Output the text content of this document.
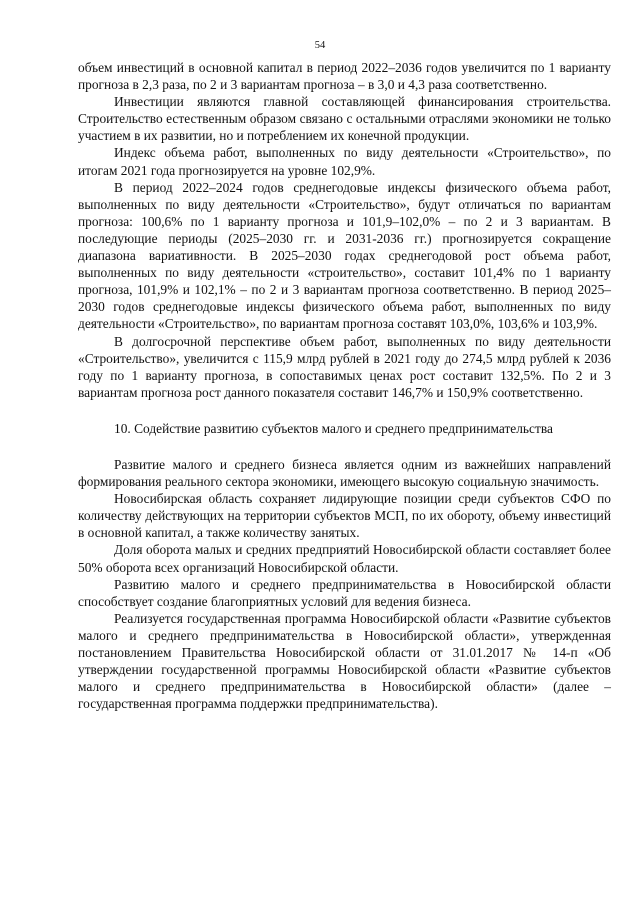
54

объем инвестиций в основной капитал в период 2022–2036 годов увеличится по 1 варианту прогноза в 2,3 раза, по 2 и 3 вариантам прогноза – в 3,0 и 4,3 раза соответственно.

Инвестиции являются главной составляющей финансирования строительства. Строительство естественным образом связано с остальными отраслями экономики не только участием в их развитии, но и потреблением их конечной продукции.

Индекс объема работ, выполненных по виду деятельности «Строительство», по итогам 2021 года прогнозируется на уровне 102,9%.

В период 2022–2024 годов среднегодовые индексы физического объема работ, выполненных по виду деятельности «Строительство», будут отличаться по вариантам прогноза: 100,6% по 1 варианту прогноза и 101,9–102,0% – по 2 и 3 вариантам. В последующие периоды (2025–2030 гг. и 2031-2036 гг.) прогнозируется сокращение диапазона вариативности. В 2025–2030 годах среднегодовой рост объема работ, выполненных по виду деятельности «строительство», составит 101,4% по 1 варианту прогноза, 101,9% и 102,1% – по 2 и 3 вариантам прогноза соответственно. В период 2025–2030 годов среднегодовые индексы физического объема работ, выполненных по виду деятельности «Строительство», по вариантам прогноза составят 103,0%, 103,6% и 103,9%.

В долгосрочной перспективе объем работ, выполненных по виду деятельности «Строительство», увеличится с 115,9 млрд рублей в 2021 году до 274,5 млрд рублей к 2036 году по 1 варианту прогноза, в сопоставимых ценах рост составит 132,5%. По 2 и 3 вариантам прогноза рост данного показателя составит 146,7% и 150,9% соответственно.

10. Содействие развитию субъектов малого и среднего предпринимательства

Развитие малого и среднего бизнеса является одним из важнейших направлений формирования реального сектора экономики, имеющего высокую социальную значимость.

Новосибирская область сохраняет лидирующие позиции среди субъектов СФО по количеству действующих на территории субъектов МСП, по их обороту, объему инвестиций в основной капитал, а также количеству занятых.

Доля оборота малых и средних предприятий Новосибирской области составляет более 50% оборота всех организаций Новосибирской области.

Развитию малого и среднего предпринимательства в Новосибирской области способствует создание благоприятных условий для ведения бизнеса.

Реализуется государственная программа Новосибирской области «Развитие субъектов малого и среднего предпринимательства в Новосибирской области», утвержденная постановлением Правительства Новосибирской области от 31.01.2017 № 14-п «Об утверждении государственной программы Новосибирской области «Развитие субъектов малого и среднего предпринимательства в Новосибирской области» (далее – государственная программа поддержки предпринимательства).
